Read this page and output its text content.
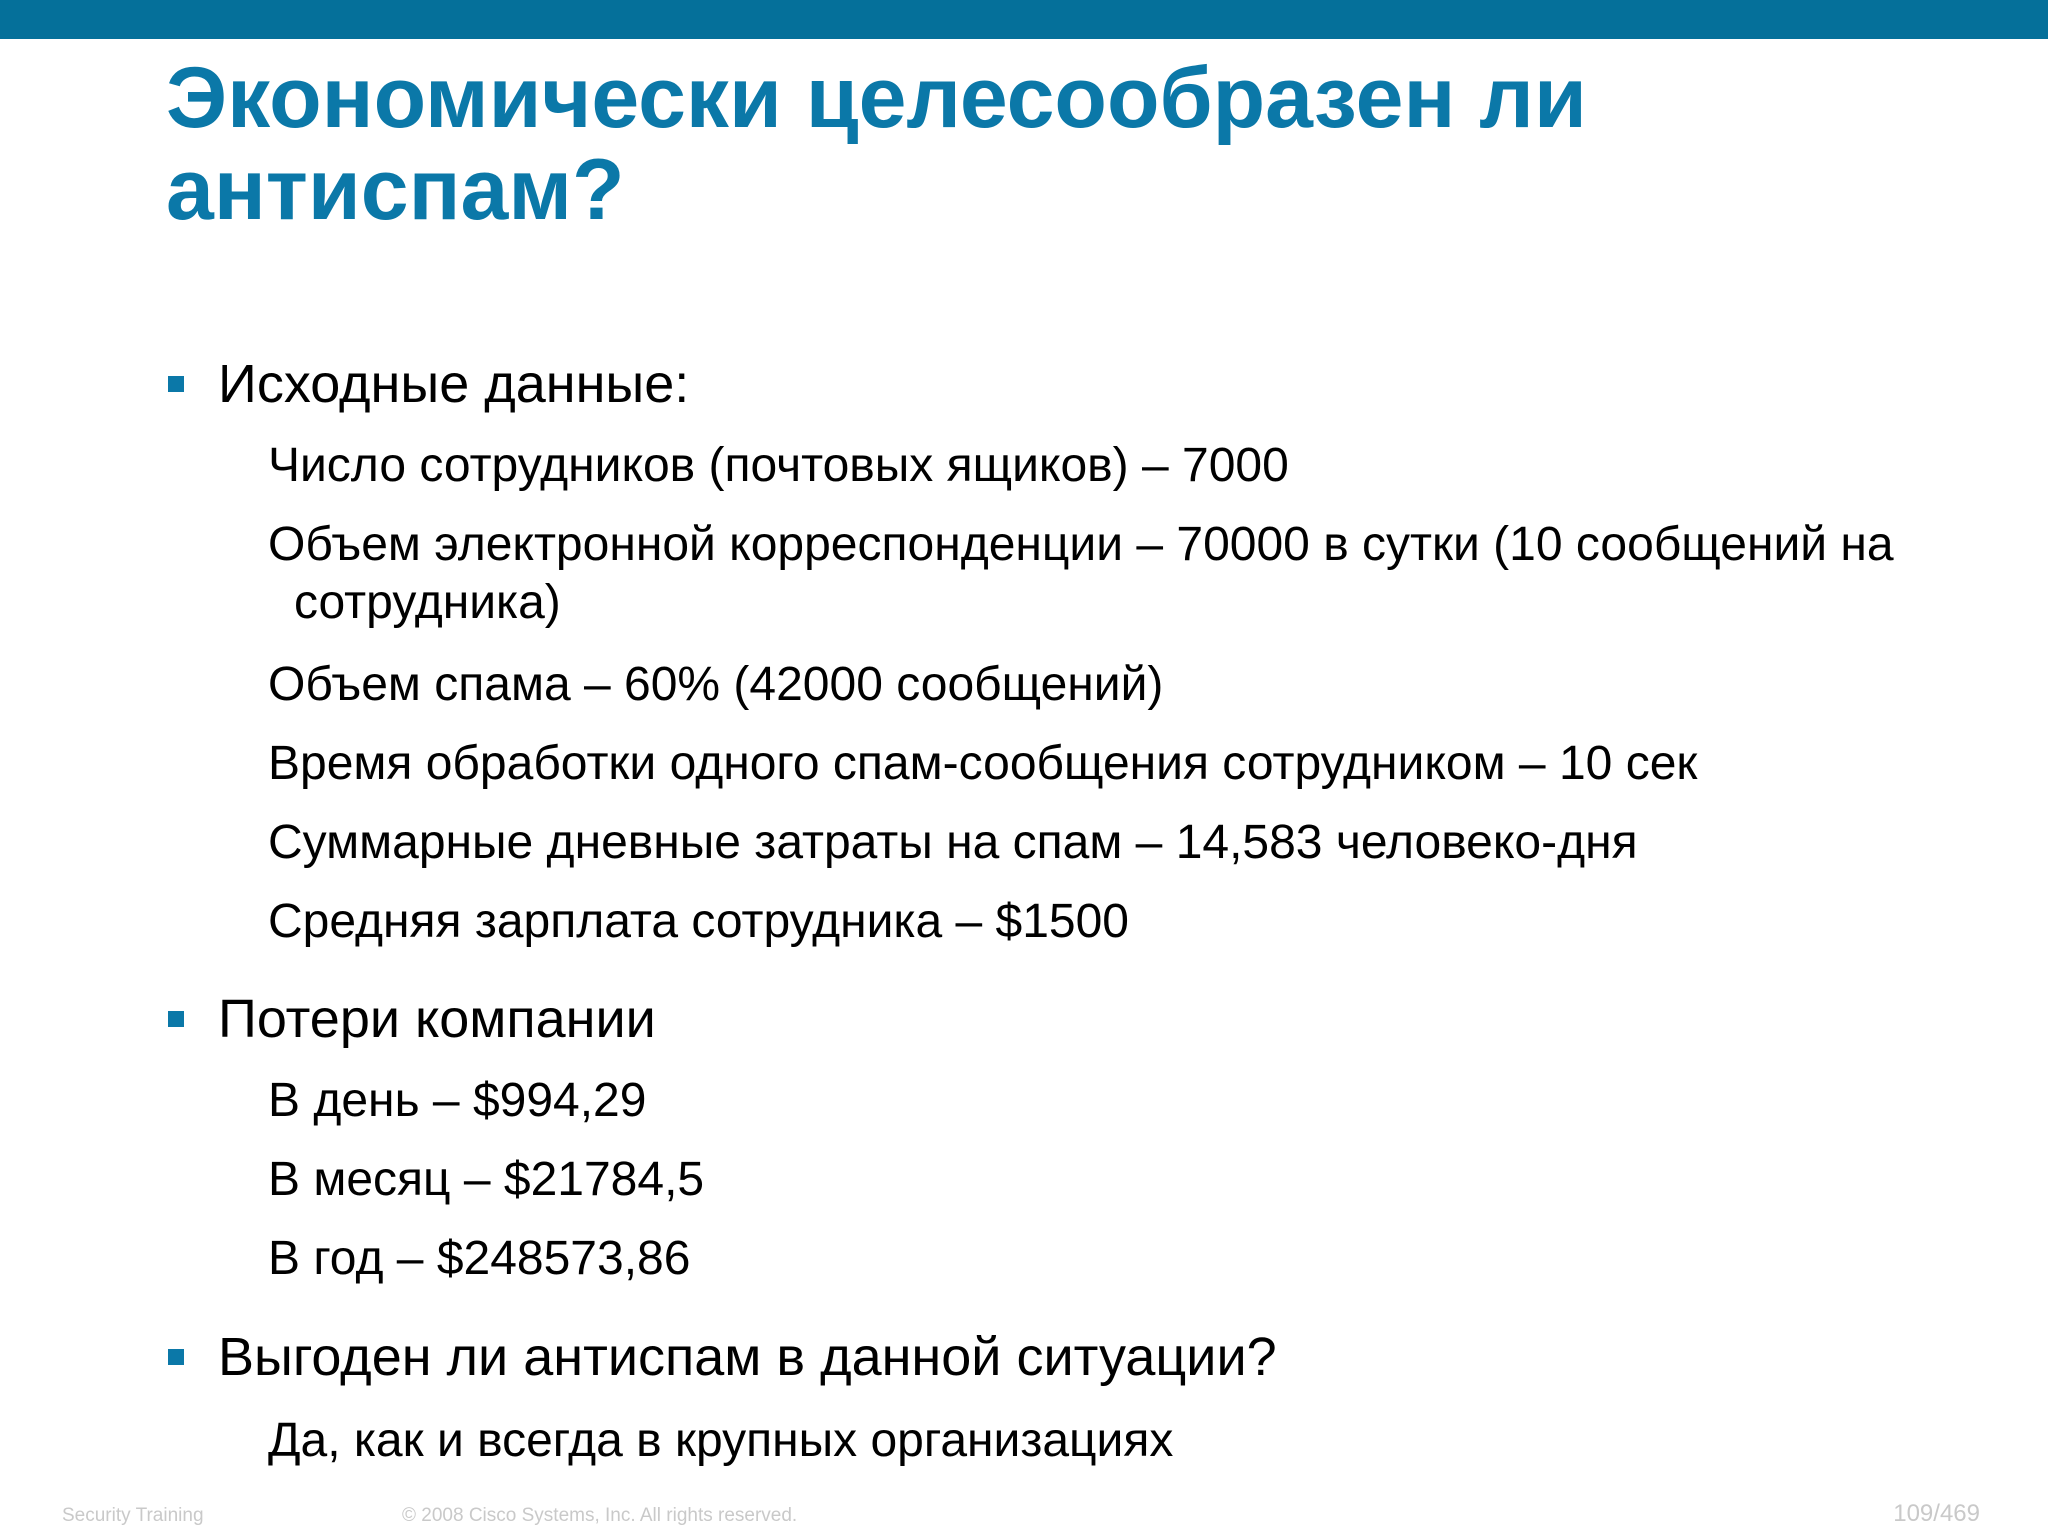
Экономически целесообразен ли антиспам?
Исходные данные:
Число сотрудников (почтовых ящиков) – 7000
Объем электронной корреспонденции – 70000 в сутки (10 сообщений на сотрудника)
Объем спама – 60% (42000 сообщений)
Время обработки одного спам-сообщения сотрудником – 10 сек
Суммарные дневные затраты на спам – 14,583 человеко-дня
Средняя зарплата сотрудника – $1500
Потери компании
В день – $994,29
В месяц – $21784,5
В год – $248573,86
Выгоден ли антиспам в данной ситуации?
Да, как и всегда в крупных организациях
Security Training	© 2008 Cisco Systems, Inc. All rights reserved.	109/469
